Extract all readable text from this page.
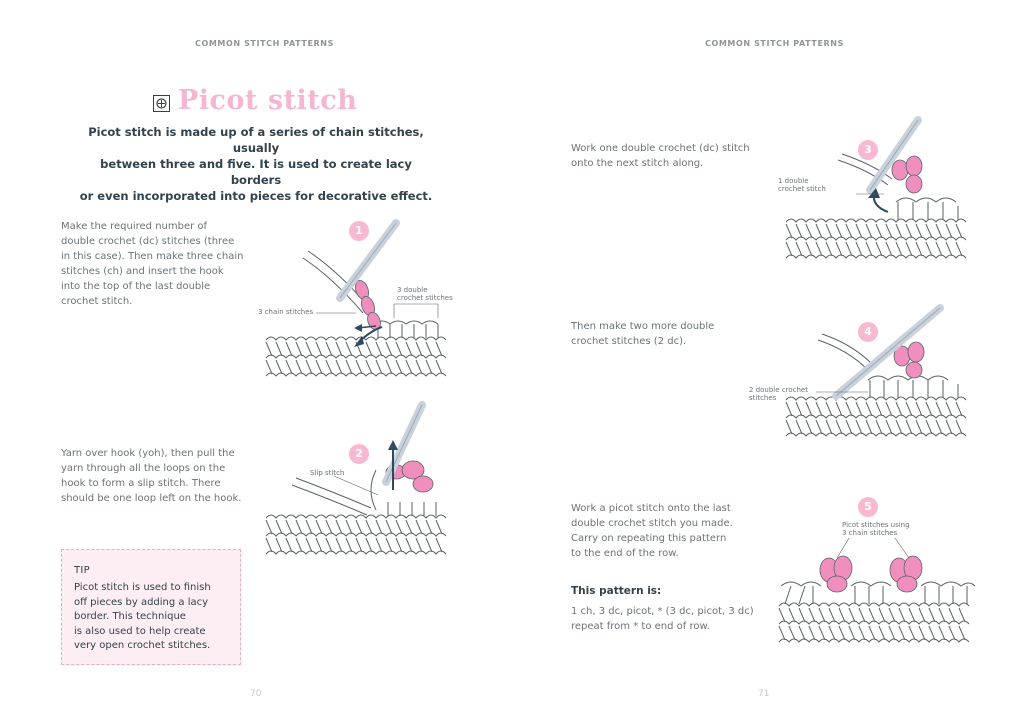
COMMON STITCH PATTERNS
Picot stitch
Picot stitch is made up of a series of chain stitches, usually
between three and five. It is used to create lacy borders
or even incorporated into pieces for decorative effect.
Make the required number of
double crochet (dc) stitches (three
in this case). Then make three chain
stitches (ch) and insert the hook
into the top of the last double
crochet stitch.
1
3 chain stitches
3 double
crochet stitches
Yarn over hook (yoh), then pull the
yarn through all the loops on the
hook to form a slip stitch. There
should be one loop left on the hook.
2
Slip stitch
TIP
Picot stitch is used to finish
off pieces by adding a lacy
border. This technique
is also used to help create
very open crochet stitches.
70
COMMON STITCH PATTERNS
Work one double crochet (dc) stitch
onto the next stitch along.
3
1 double
crochet stitch
Then make two more double
crochet stitches (2 dc).
4
2 double crochet
stitches
Work a picot stitch onto the last
double crochet stitch you made.
Carry on repeating this pattern
to the end of the row.
This pattern is:
1 ch, 3 dc, picot, * (3 dc, picot, 3 dc)
repeat from * to end of row.
5
Picot stitches using
3 chain stitches
71
